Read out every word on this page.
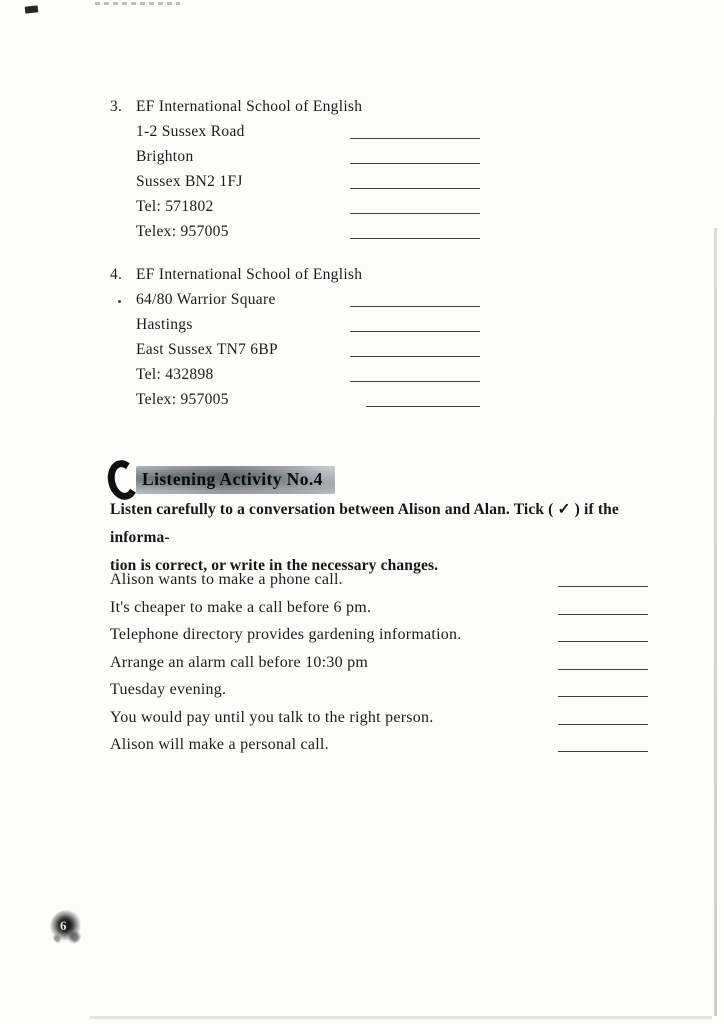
3. EF International School of English
1-2 Sussex Road
Brighton
Sussex BN2 1FJ
Tel: 571802
Telex: 957005
4. EF International School of English
64/80 Warrior Square
Hastings
East Sussex TN7 6BP
Tel: 432898
Telex: 957005
Listening Activity No.4
Listen carefully to a conversation between Alison and Alan. Tick ( ✓ ) if the informa-
tion is correct, or write in the necessary changes.
Alison wants to make a phone call.
It's cheaper to make a call before 6 pm.
Telephone directory provides gardening information.
Arrange an alarm call before 10:30 pm
Tuesday evening.
You would pay until you talk to the right person.
Alison will make a personal call.
6
